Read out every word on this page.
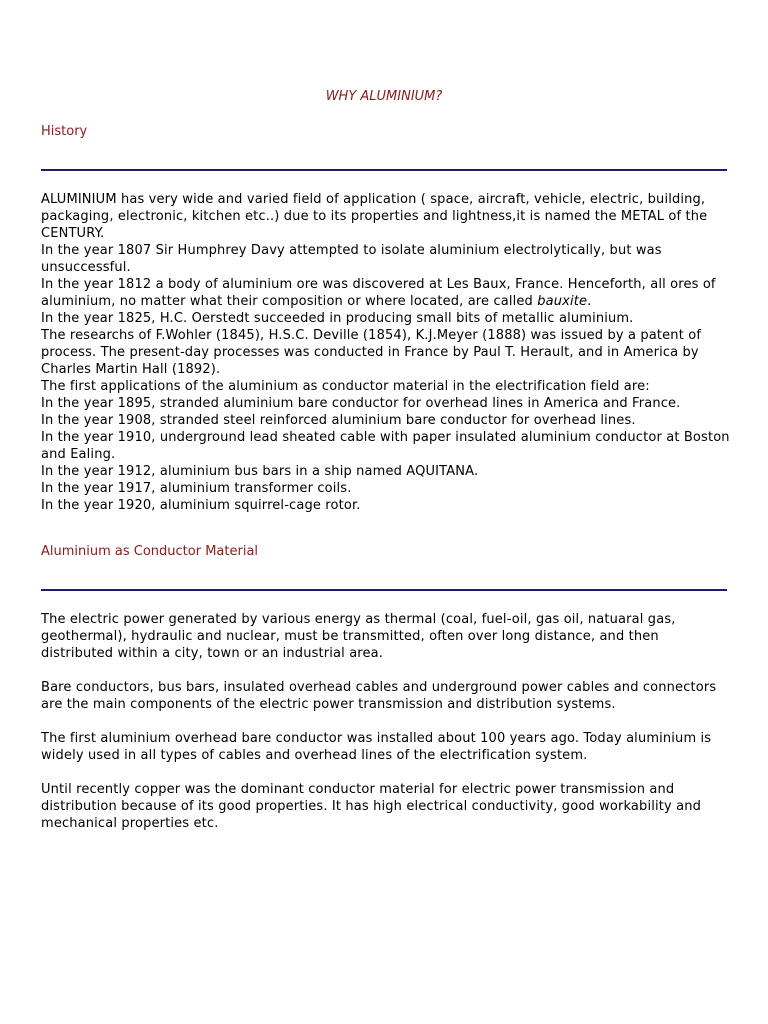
WHY ALUMINIUM?
History

ALUMINIUM has very wide and varied field of application ( space, aircraft, vehicle, electric, building, packaging, electronic, kitchen etc..) due to its properties and lightness,it is named the METAL of the CENTURY.

In the year 1807 Sir Humphrey Davy attempted to isolate aluminium electrolytically, but was unsuccessful.

In the year 1812 a body of aluminium ore was discovered at Les Baux, France. Henceforth, all ores of aluminium, no matter what their composition or where located, are called bauxite.

In the year 1825, H.C. Oerstedt succeeded in producing small bits of metallic aluminium.

The researchs of F.Wohler (1845), H.S.C. Deville (1854), K.J.Meyer (1888) was issued by a patent of process. The present-day processes was conducted in France by Paul T. Herault, and in America by Charles Martin Hall (1892).

The first applications of the aluminium as conductor material in the electrification field are:

In the year 1895, stranded aluminium bare conductor for overhead lines in America and France.

In the year 1908, stranded steel reinforced aluminium bare conductor for overhead lines.

In the year 1910, underground lead sheated cable with paper insulated aluminium conductor at Boston and Ealing.

In the year 1912, aluminium bus bars in a ship named AQUITANA.

In the year 1917, aluminium transformer coils.

In the year 1920, aluminium squirrel-cage rotor.

Aluminium as Conductor Material

The electric power generated by various energy as thermal (coal, fuel-oil, gas oil, natuaral gas, geothermal), hydraulic and nuclear, must be transmitted, often over long distance, and then distributed within a city, town or an industrial area.

Bare conductors, bus bars, insulated overhead cables and underground power cables and connectors are the main components of the electric power transmission and distribution systems.

The first aluminium overhead bare conductor was installed about 100 years ago. Today aluminium is widely used in all types of cables and overhead lines of the electrification system.

Until recently copper was the dominant conductor material for electric power transmission and distribution because of its good properties. It has high electrical conductivity, good workability and mechanical properties etc.
